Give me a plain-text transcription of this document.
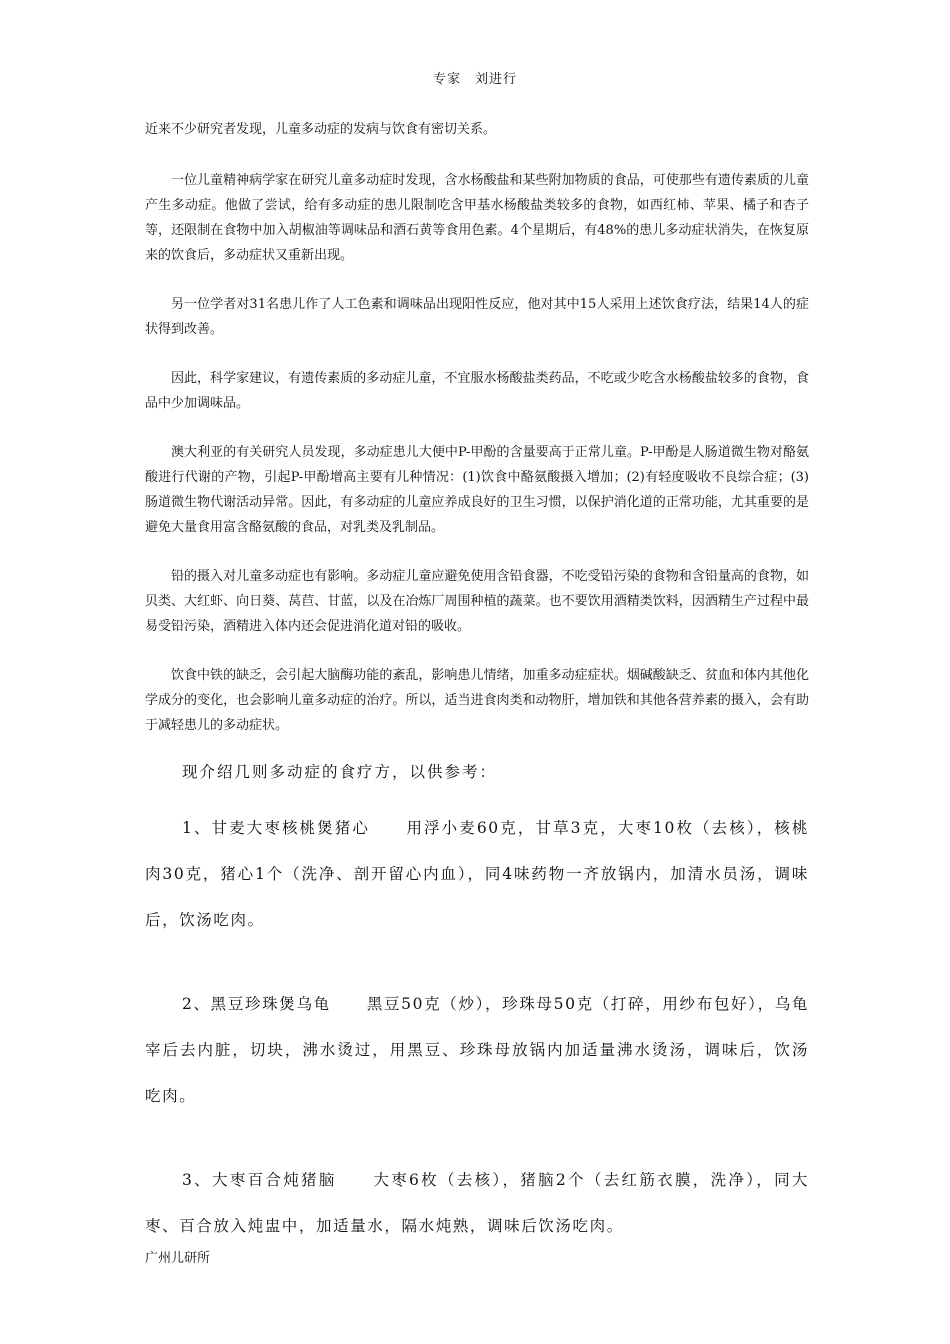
专家　刘进行

近来不少研究者发现，儿童多动症的发病与饮食有密切关系。

一位儿童精神病学家在研究儿童多动症时发现，含水杨酸盐和某些附加物质的食品，可使那些有遗传素质的儿童产生多动症。他做了尝试，给有多动症的患儿限制吃含甲基水杨酸盐类较多的食物，如西红柿、苹果、橘子和杏子等，还限制在食物中加入胡椒油等调味品和酒石黄等食用色素。4个星期后，有48%的患儿多动症状消失，在恢复原来的饮食后，多动症状又重新出现。

另一位学者对31名患儿作了人工色素和调味品出现阳性反应，他对其中15人采用上述饮食疗法，结果14人的症状得到改善。

因此，科学家建议，有遗传素质的多动症儿童，不宜服水杨酸盐类药品，不吃或少吃含水杨酸盐较多的食物，食品中少加调味品。

澳大利亚的有关研究人员发现，多动症患儿大便中P-甲酚的含量要高于正常儿童。P-甲酚是人肠道微生物对酪氨酸进行代谢的产物，引起P-甲酚增高主要有儿种情况：(1)饮食中酪氨酸摄入增加；(2)有轻度吸收不良综合症；(3)肠道微生物代谢活动异常。因此，有多动症的儿童应养成良好的卫生习惯，以保护消化道的正常功能，尤其重要的是避免大量食用富含酪氨酸的食品，对乳类及乳制品。

铅的摄入对儿童多动症也有影响。多动症儿童应避免使用含铅食器，不吃受铅污染的食物和含铅量高的食物，如贝类、大红虾、向日葵、莴苣、甘蓝，以及在冶炼厂周围种植的蔬菜。也不要饮用酒精类饮料，因酒精生产过程中最易受铅污染，酒精进入体内还会促进消化道对铅的吸收。

饮食中铁的缺乏，会引起大脑酶功能的紊乱，影响患儿情绪，加重多动症症状。烟碱酸缺乏、贫血和体内其他化学成分的变化，也会影响儿童多动症的治疗。所以，适当进食肉类和动物肝，增加铁和其他各营养素的摄入，会有助于减轻患儿的多动症状。

现介绍几则多动症的食疗方，以供参考：

1、甘麦大枣核桃煲猪心 用浮小麦60克，甘草3克，大枣10枚（去核），核桃肉30克，猪心1个（洗净、剖开留心内血），同4味药物一齐放锅内，加清水员汤，调味后，饮汤吃肉。

2、黑豆珍珠煲乌龟 黑豆50克（炒），珍珠母50克（打碎，用纱布包好），乌龟宰后去内脏，切块，沸水烫过，用黑豆、珍珠母放锅内加适量沸水烫汤，调味后，饮汤吃肉。

3、大枣百合炖猪脑 大枣6枚（去核），猪脑2个（去红筋衣膜，洗净），同大枣、百合放入炖盅中，加适量水，隔水炖熟，调味后饮汤吃肉。

广州儿研所
